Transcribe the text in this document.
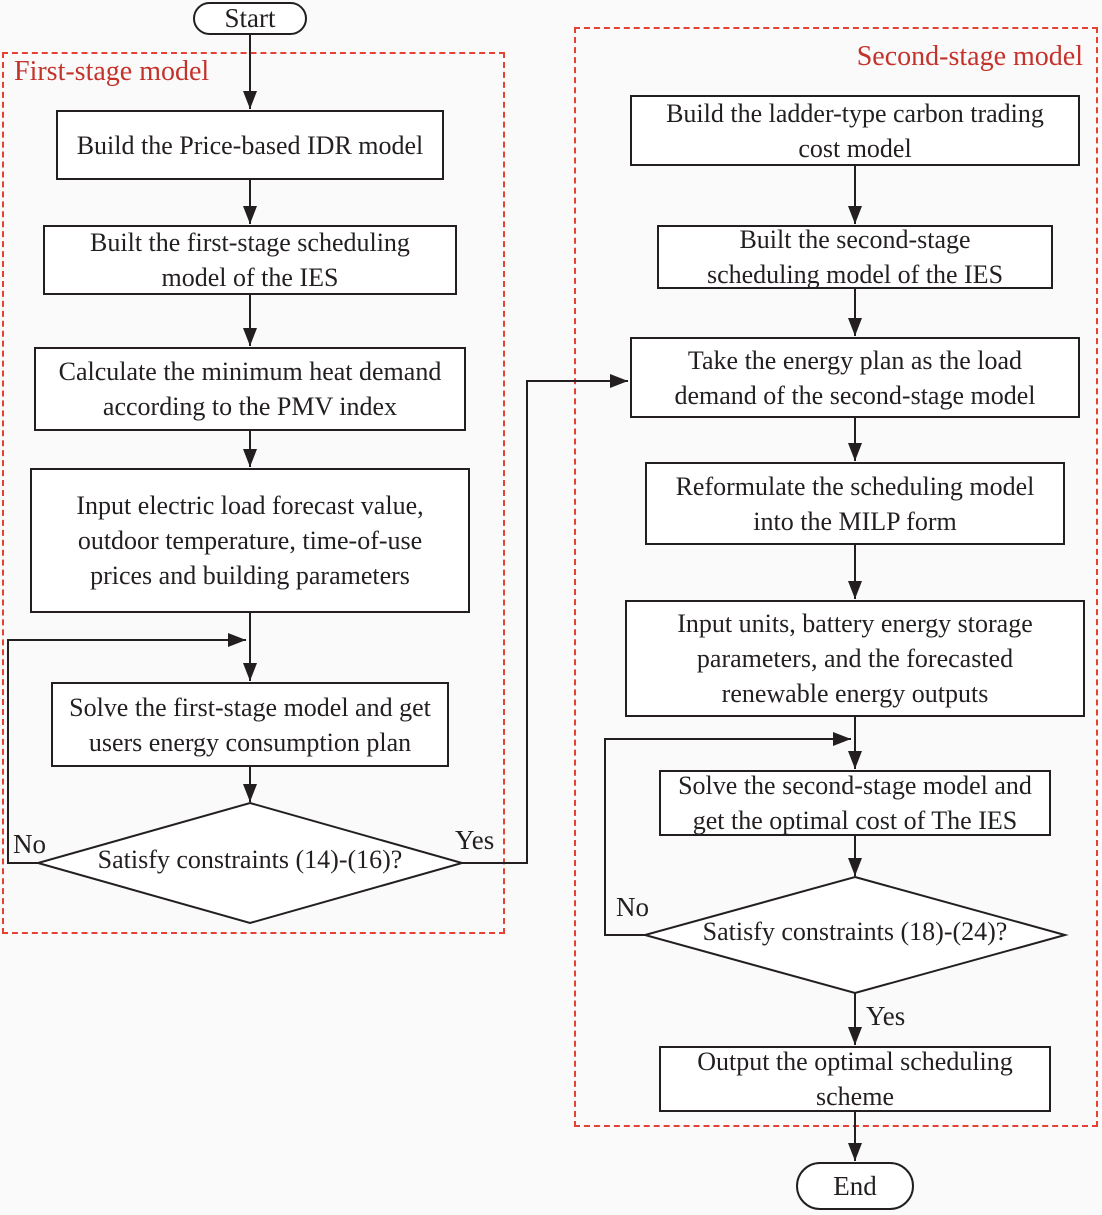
First-stage model	Second-stage model
Start
End
Build the Price-based IDR model
Built the first-stage scheduling
model of the IES
Calculate the minimum heat demand
according to the PMV index
Input electric load forecast value,
outdoor temperature, time-of-use
prices and building parameters
Solve the first-stage model and get
users energy consumption plan
Satisfy constraints (14)-(16)?
No	Yes
Build the ladder-type carbon trading
cost model
Built the second-stage
scheduling model of the IES
Take the energy plan as the load
demand of the second-stage model
Reformulate the scheduling model
into the MILP form
Input units, battery energy storage
parameters, and the forecasted
renewable energy outputs
Solve the second-stage model and
get the optimal cost of The IES
Output the optimal scheduling
scheme
Satisfy constraints (18)-(24)?
No
Yes
